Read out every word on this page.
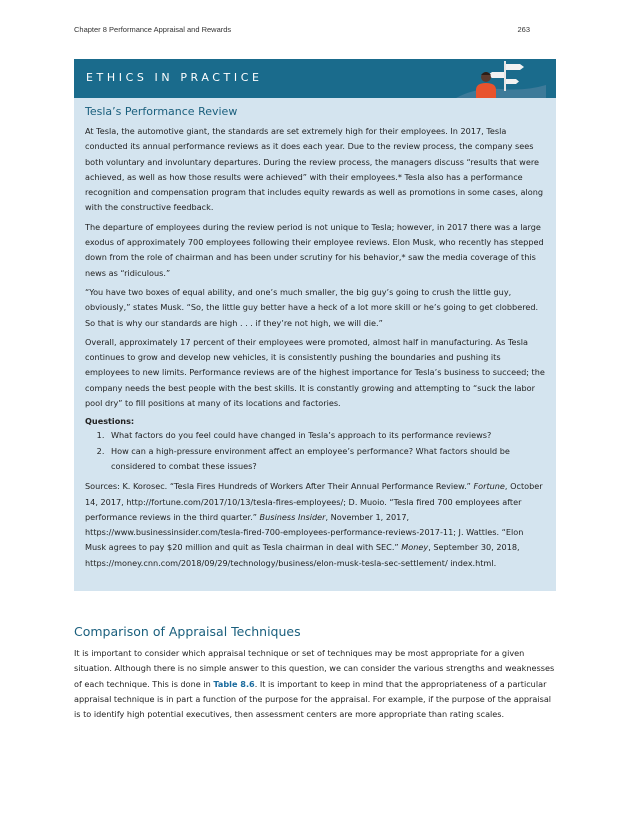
Chapter 8 Performance Appraisal and Rewards	263
ETHICS IN PRACTICE
Tesla’s Performance Review

At Tesla, the automotive giant, the standards are set extremely high for their employees. In 2017, Tesla conducted its annual performance reviews as it does each year. Due to the review process, the company sees both voluntary and involuntary departures. During the review process, the managers discuss “results that were achieved, as well as how those results were achieved” with their employees.* Tesla also has a performance recognition and compensation program that includes equity rewards as well as promotions in some cases, along with the constructive feedback.

The departure of employees during the review period is not unique to Tesla; however, in 2017 there was a large exodus of approximately 700 employees following their employee reviews. Elon Musk, who recently has stepped down from the role of chairman and has been under scrutiny for his behavior,* saw the media coverage of this news as “ridiculous.”

“You have two boxes of equal ability, and one’s much smaller, the big guy’s going to crush the little guy, obviously,” states Musk. “So, the little guy better have a heck of a lot more skill or he’s going to get clobbered. So that is why our standards are high . . . if they’re not high, we will die.”

Overall, approximately 17 percent of their employees were promoted, almost half in manufacturing. As Tesla continues to grow and develop new vehicles, it is consistently pushing the boundaries and pushing its employees to new limits. Performance reviews are of the highest importance for Tesla’s business to succeed; the company needs the best people with the best skills. It is constantly growing and attempting to “suck the labor pool dry” to fill positions at many of its locations and factories.

Questions:
1. What factors do you feel could have changed in Tesla’s approach to its performance reviews?
2. How can a high-pressure environment affect an employee’s performance? What factors should be considered to combat these issues?

Sources: K. Korosec. “Tesla Fires Hundreds of Workers After Their Annual Performance Review.” Fortune, October 14, 2017, http://fortune.com/2017/10/13/tesla-fires-employees/; D. Muoio. “Tesla fired 700 employees after performance reviews in the third quarter.” Business Insider, November 1, 2017, https://www.businessinsider.com/tesla-fired-700-employees-performance-reviews-2017-11; J. Wattles. “Elon Musk agrees to pay $20 million and quit as Tesla chairman in deal with SEC.” Money, September 30, 2018, https://money.cnn.com/2018/09/29/technology/business/elon-musk-tesla-sec-settlement/ index.html.

Comparison of Appraisal Techniques

It is important to consider which appraisal technique or set of techniques may be most appropriate for a given situation. Although there is no simple answer to this question, we can consider the various strengths and weaknesses of each technique. This is done in Table 8.6. It is important to keep in mind that the appropriateness of a particular appraisal technique is in part a function of the purpose for the appraisal. For example, if the purpose of the appraisal is to identify high potential executives, then assessment centers are more appropriate than rating scales.
